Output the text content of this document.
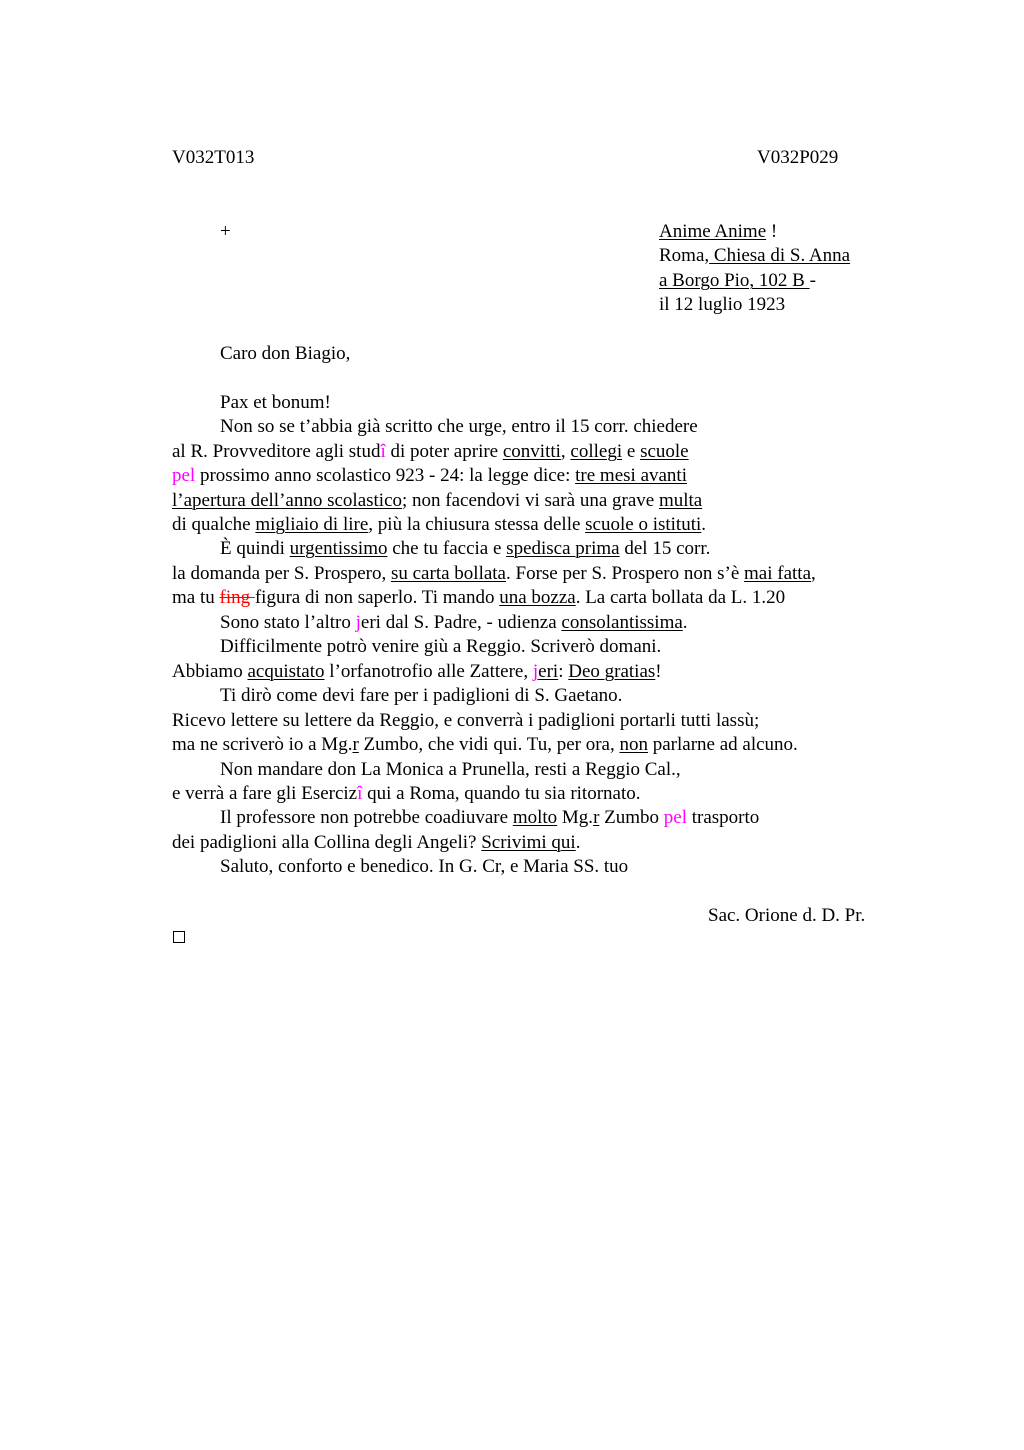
V032T013	V032P029
+	Anime Anime !
Roma, Chiesa di S. Anna
a Borgo Pio, 102 B -
il 12 luglio 1923
Caro don Biagio,
Pax et bonum!
Non so se t’abbia già scritto che urge, entro il 15 corr. chiedere
al R. Provveditore agli studî di poter aprire convitti, collegi e scuole
pel prossimo anno scolastico 923 - 24: la legge dice: tre mesi avanti
l’apertura dell’anno scolastico; non facendovi vi sarà una grave multa
di qualche migliaio di lire, più la chiusura stessa delle scuole o istituti.
È quindi urgentissimo che tu faccia e spedisca prima del 15 corr.
la domanda per S. Prospero, su carta bollata. Forse per S. Prospero non s’è mai fatta,
ma tu fing figura di non saperlo. Ti mando una bozza. La carta bollata da L. 1.20
Sono stato l’altro jeri dal S. Padre, - udienza consolantissima.
Difficilmente potrò venire giù a Reggio. Scriverò domani.
Abbiamo acquistato l’orfanotrofio alle Zattere, jeri: Deo gratias!
Ti dirò come devi fare per i padiglioni di S. Gaetano.
Ricevo lettere su lettere da Reggio, e converrà i padiglioni portarli tutti lassù;
ma ne scriverò io a Mg.r Zumbo, che vidi qui. Tu, per ora, non parlarne ad alcuno.
Non mandare don La Monica a Prunella, resti a Reggio Cal.,
e verrà a fare gli Esercizî qui a Roma, quando tu sia ritornato.
Il professore non potrebbe coadiuvare molto Mg.r Zumbo pel trasporto
dei padiglioni alla Collina degli Angeli? Scrivimi qui.
Saluto, conforto e benedico. In G. Cr, e Maria SS. tuo
Sac. Orione d. D. Pr.
